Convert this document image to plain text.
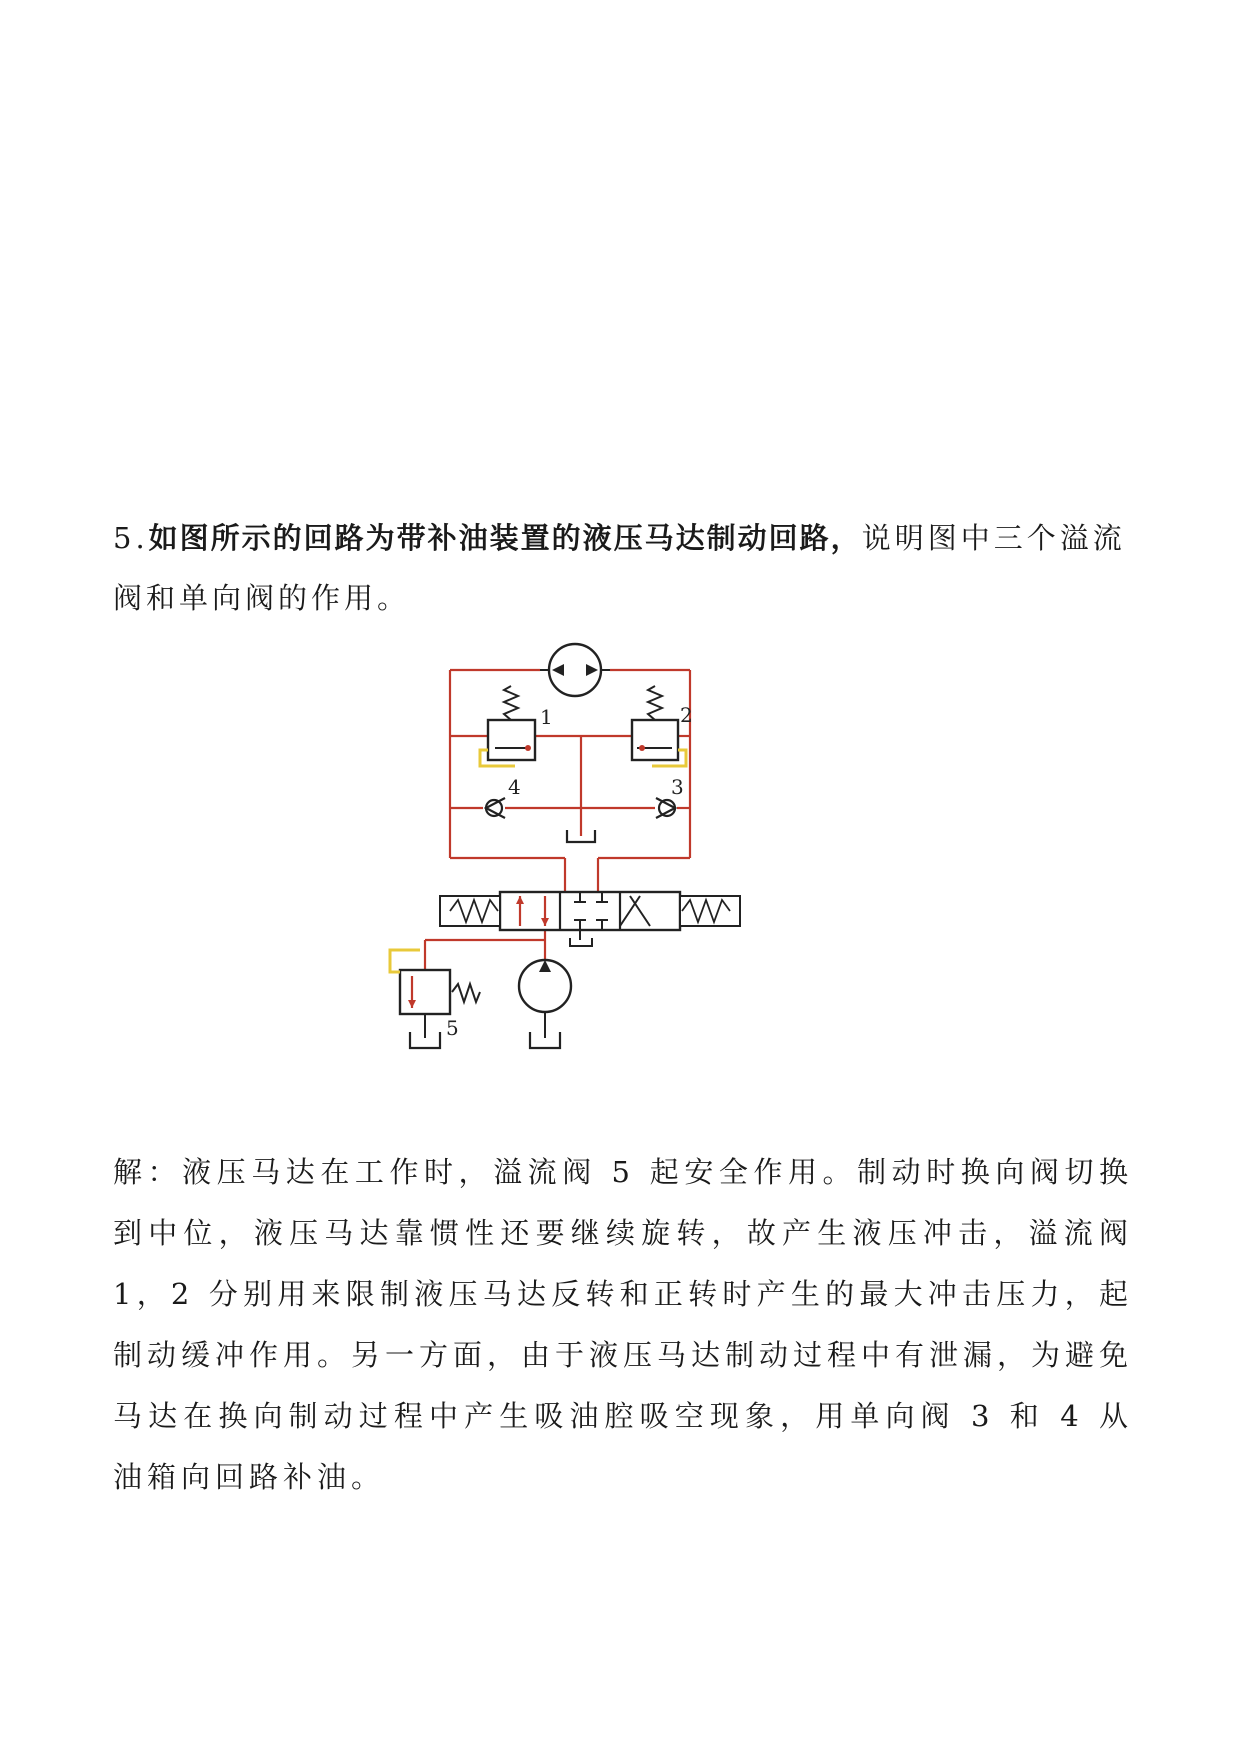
5.如图所示的回路为带补油装置的液压马达制动回路，说明图中三个溢流阀和单向阀的作用。

1	2
4	3
5

解：液压马达在工作时，溢流阀 5 起安全作用。制动时换向阀切换到中位，液压马达靠惯性还要继续旋转，故产生液压冲击，溢流阀 1，2 分别用来限制液压马达反转和正转时产生的最大冲击压力，起制动缓冲作用。另一方面，由于液压马达制动过程中有泄漏，为避免马达在换向制动过程中产生吸油腔吸空现象，用单向阀 3 和 4 从油箱向回路补油。
